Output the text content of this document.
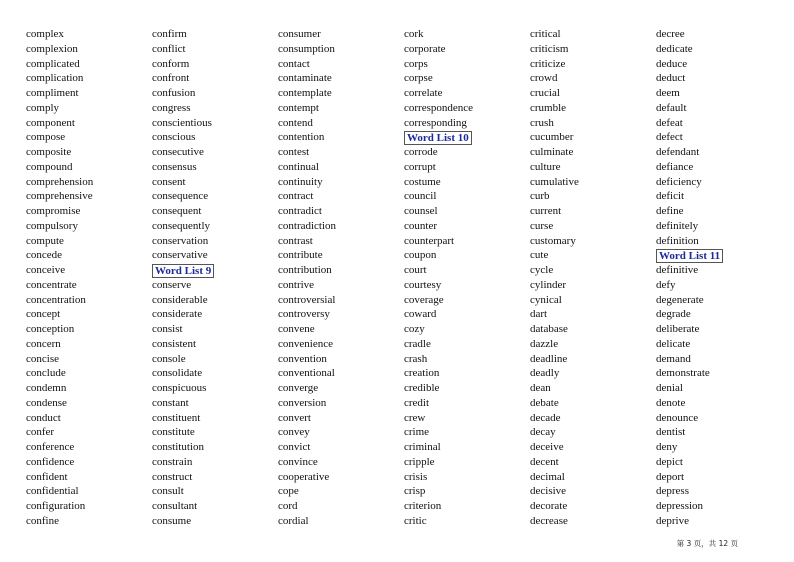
complex
complexion
complicated
complication
compliment
comply
component
compose
composite
compound
comprehension
comprehensive
compromise
compulsory
compute
concede
conceive
concentrate
concentration
concept
conception
concern
concise
conclude
condemn
condense
conduct
confer
conference
confidence
confident
confidential
configuration
confine
confirm
conflict
conform
confront
confusion
congress
conscientious
conscious
consecutive
consensus
consent
consequence
consequent
consequently
conservation
conservative
Word List 9
conserve
considerable
considerate
consist
consistent
console
consolidate
conspicuous
constant
constituent
constitute
constitution
constrain
construct
consult
consultant
consume
consumer
consumption
contact
contaminate
contemplate
contempt
contend
contention
contest
continual
continuity
contract
contradict
contradiction
contrast
contribute
contribution
contrive
controversial
controversy
convene
convenience
convention
conventional
converge
conversion
convert
convey
convict
convince
cooperative
cope
cord
cordial
cork
corporate
corps
corpse
correlate
correspondence
corresponding
Word List 10
corrode
corrupt
costume
council
counsel
counter
counterpart
coupon
court
courtesy
coverage
coward
cozy
cradle
crash
creation
credible
credit
crew
crime
criminal
cripple
crisis
crisp
criterion
critic
critical
criticism
criticize
crowd
crucial
crumble
crush
cucumber
culminate
culture
cumulative
curb
current
curse
customary
cute
cycle
cylinder
cynical
dart
database
dazzle
deadline
deadly
dean
debate
decade
decay
deceive
decent
decimal
decisive
decorate
decrease
decree
dedicate
deduce
deduct
deem
default
defeat
defect
defendant
defiance
deficiency
deficit
define
definitely
definition
Word List 11
definitive
defy
degenerate
degrade
deliberate
delicate
demand
demonstrate
denial
denote
denounce
dentist
deny
depict
deport
depress
depression
deprive
第 3 页，共 12 页
